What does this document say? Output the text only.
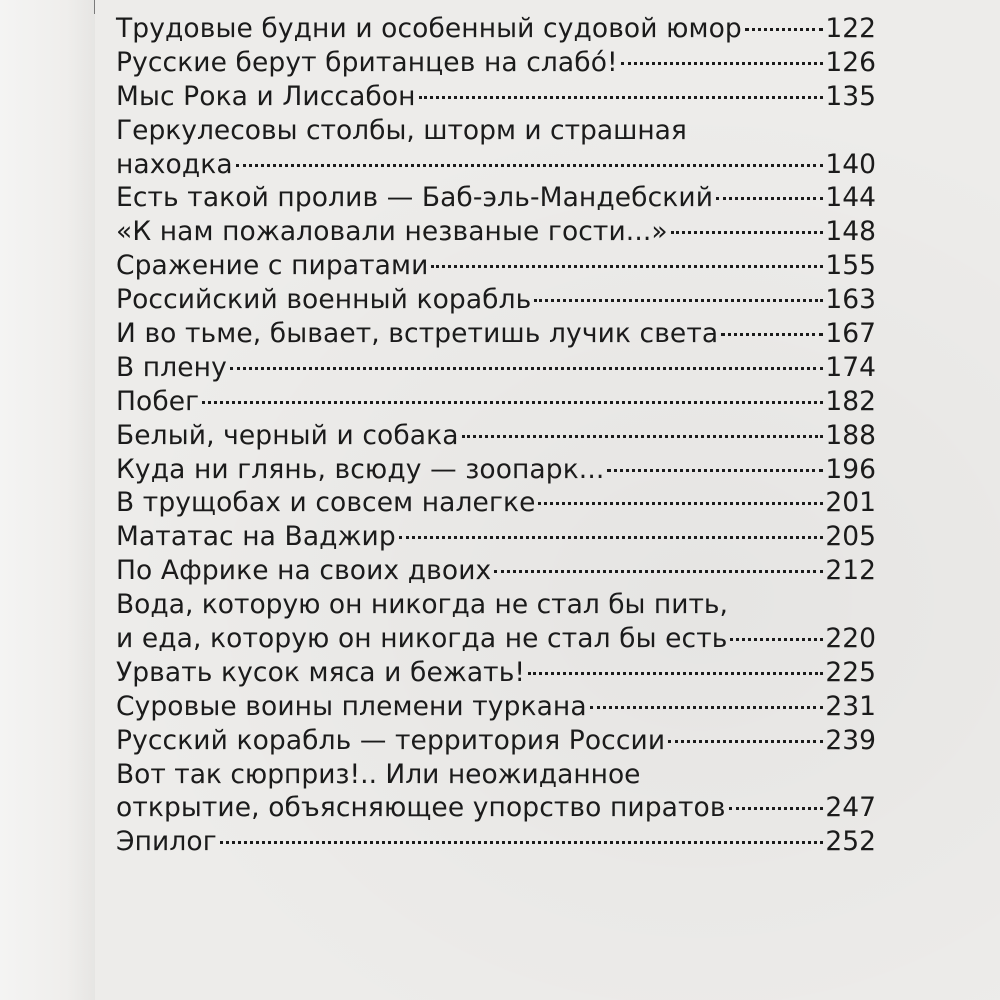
Трудовые будни и особенный судовой юмор	122
Русские берут британцев на слабó!	126
Мыс Рока и Лиссабон	135
Геркулесовы столбы, шторм и страшная
находка	140
Есть такой пролив — Баб-эль-Мандебский	144
«К нам пожаловали незваные гости...»	148
Сражение с пиратами	155
Российский военный корабль	163
И во тьме, бывает, встретишь лучик света	167
В плену	174
Побег	182
Белый, черный и собака	188
Куда ни глянь, всюду — зоопарк...	196
В трущобах и совсем налегке	201
Мататас на Ваджир	205
По Африке на своих двоих	212
Вода, которую он никогда не стал бы пить,
и еда, которую он никогда не стал бы есть	220
Урвать кусок мяса и бежать!	225
Суровые воины племени туркана	231
Русский корабль — территория России	239
Вот так сюрприз!.. Или неожиданное
открытие, объясняющее упорство пиратов	247
Эпилог	252
